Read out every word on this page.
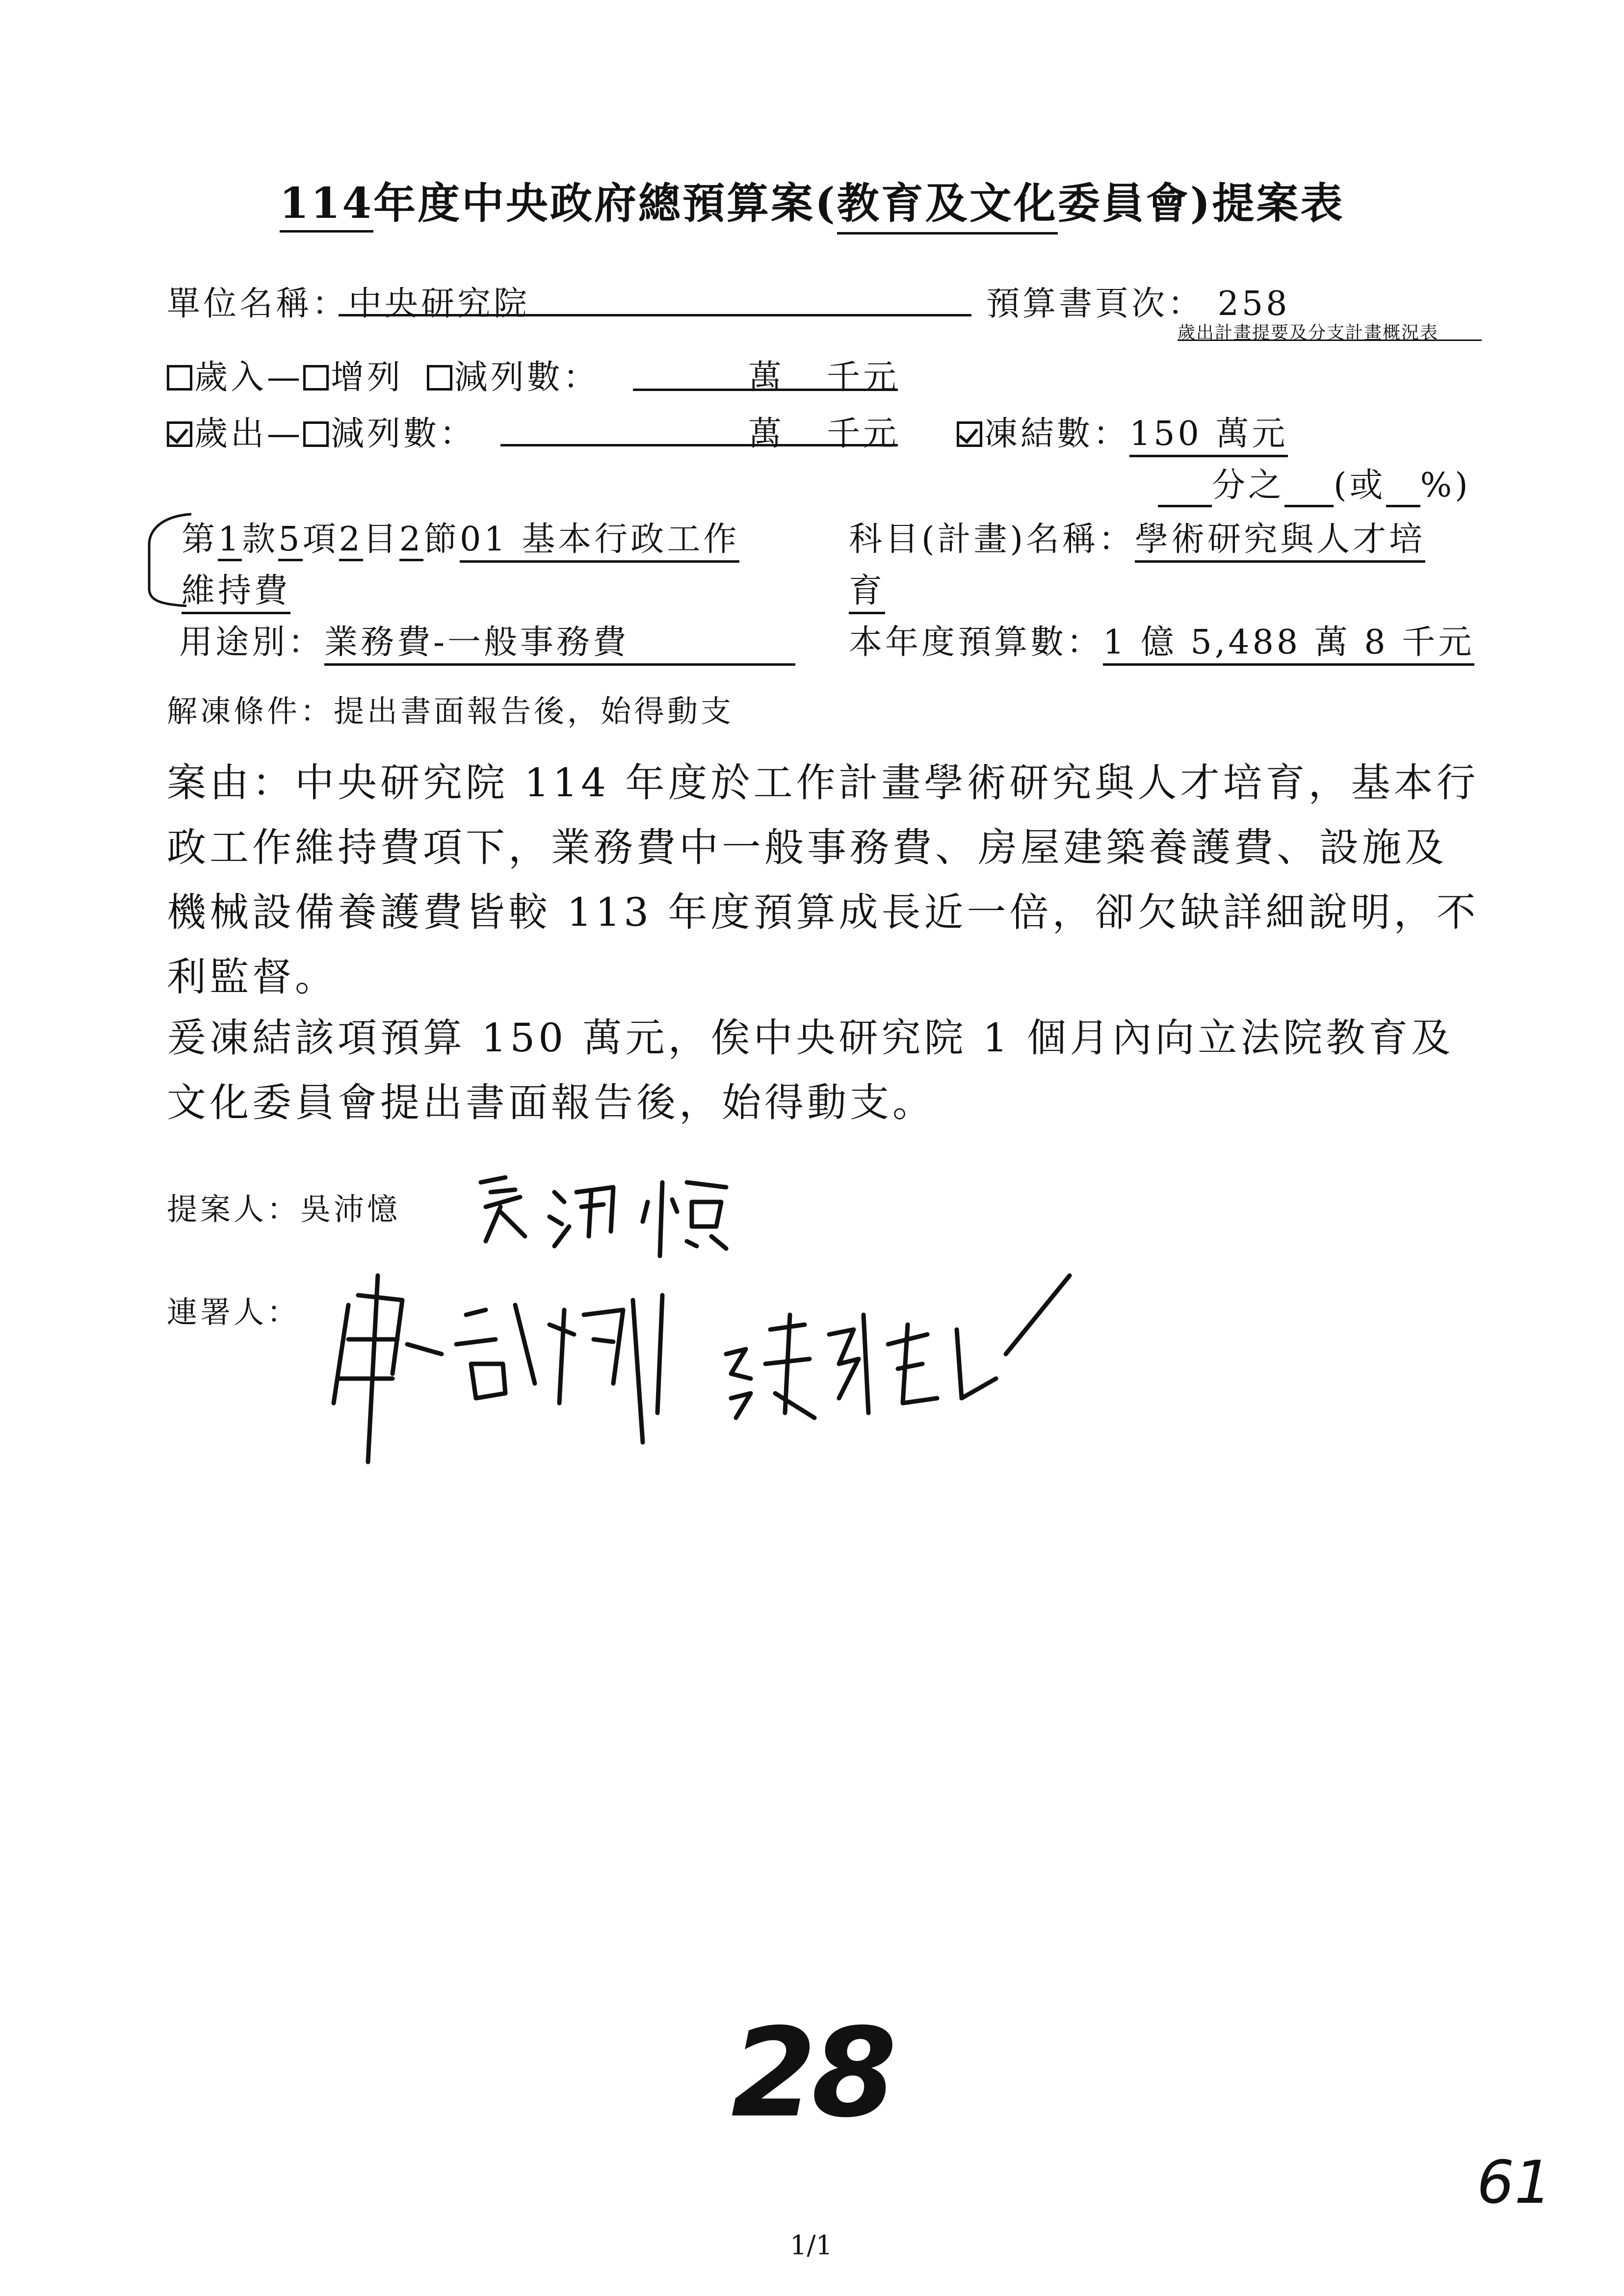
114年度中央政府總預算案(教育及文化委員會)提案表
單位名稱：中央研究院	預算書頁次： 258
歲出計畫提要及分支計畫概況表
歲入— 增列 減列數：	萬 千元
歲出— 減列數：	萬 千元	凍結數：150 萬元
分之 (或 %)
第1款5項2目2節01 基本行政工作
維持費
科目(計畫)名稱：學術研究與人才培
育
用途別：業務費-一般事務費	本年度預算數：1 億 5,488 萬 8 千元
解凍條件：提出書面報告後，始得動支
案由：中央研究院 114 年度於工作計畫學術研究與人才培育，基本行政工作維持費項下，業務費中一般事務費、房屋建築養護費、設施及機械設備養護費皆較 113 年度預算成長近一倍，卻欠缺詳細說明，不利監督。
爰凍結該項預算 150 萬元，俟中央研究院 1 個月內向立法院教育及文化委員會提出書面報告後，始得動支。
提案人：吳沛憶
連署人：
28
1/1
61
